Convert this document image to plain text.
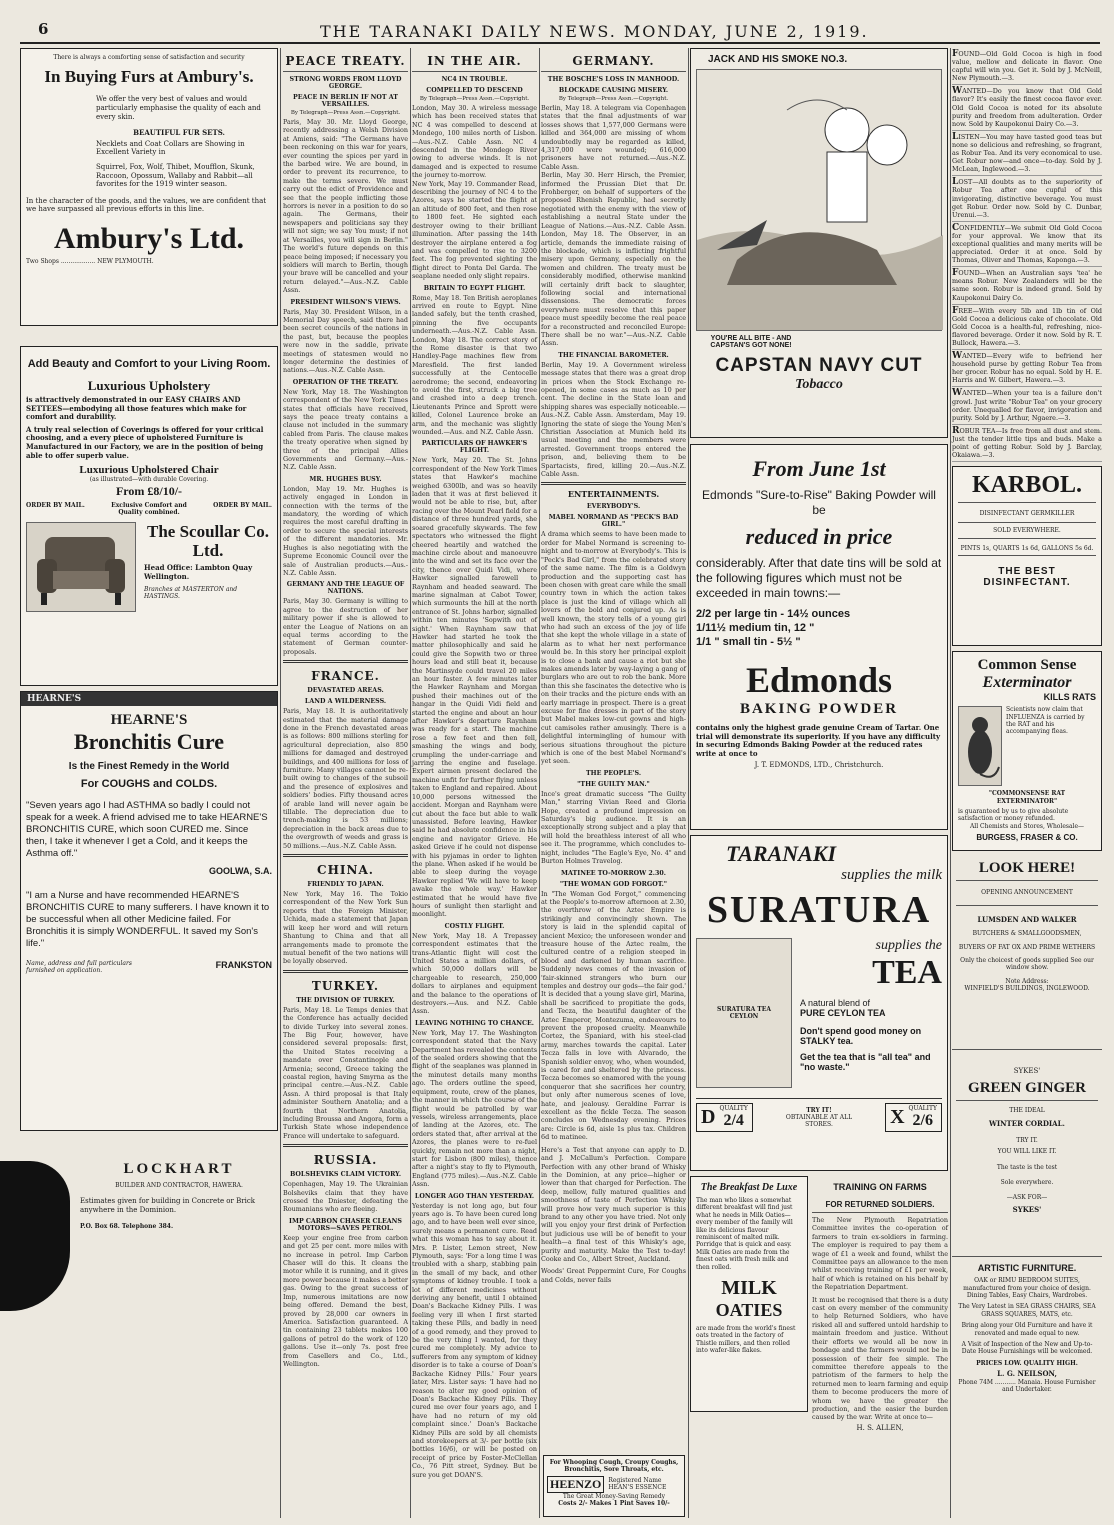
6	THE TARANAKI DAILY NEWS. MONDAY, JUNE 2, 1919.
There is always a comforting sense of satisfaction and security
In Buying Furs at Ambury's.
We offer the very best of values and would particularly emphasise the quality of each and every skin.
BEAUTIFUL FUR SETS.
Necklets and Coat Collars are Showing in Excellent Variety in
Squirrel, Fox, Wolf, Thibet, Moufflon, Skunk, Raccoon, Opossum, Wallaby and Rabbit—all favorites for the 1919 winter season.
In the character of the goods, and the values, we are confident that we have surpassed all previous efforts in this line.
Ambury's Ltd.
Two Shops .................. NEW PLYMOUTH.
Add Beauty and Comfort to your Living Room.
Luxurious Upholstery
is attractively demonstrated in our EASY CHAIRS AND SETTEES—embodying all those features which make for comfort and durability.
A truly real selection of Coverings is offered for your critical choosing, and a every piece of upholstered Furniture is Manufactured in our Factory, we are in the position of being able to offer superb value.
Luxurious Upholstered Chair
(as illustrated—with durable Covering.
From £8/10/-
ORDER BY MAIL.	Exclusive Comfort and Quality combined.
ORDER BY MAIL.
The Scoullar Co. Ltd.
Head Office: Lambton Quay Wellington.
Branches at MASTERTON and HASTINGS.
HEARNE'S
HEARNE'S
Bronchitis Cure
Is the Finest Remedy in the World
For COUGHS and COLDS.
"Seven years ago I had ASTHMA so badly I could not speak for a week. A friend advised me to take HEARNE'S BRONCHITIS CURE, which soon CURED me. Since then, I take it whenever I get a Cold, and it keeps the Asthma off."
GOOLWA, S.A.
"I am a Nurse and have recommended HEARNE'S BRONCHITIS CURE to many sufferers. I have known it to be successful when all other Medicine failed. For Bronchitis it is simply WONDERFUL. It saved my Son's life."
Name, address and full particulars furnished on application.
FRANKSTON
LOCKHART
BUILDER AND CONTRACTOR, HAWERA.
Estimates given for building in Concrete or Brick anywhere in the Dominion.
P.O. Box 68. Telephone 384.
PEACE TREATY.
STRONG WORDS FROM LLOYD GEORGE.
PEACE IN BERLIN IF NOT AT VERSAILLES.
By Telegraph—Press Assn.—Copyright.

Paris, May 30. Mr. Lloyd George, recently addressing a Welsh Division at Amiens, said: "The Germans have been reckoning on this war for years, ever counting the spices per yard in the barbed wire. We are bound, in order to prevent its recurrence, to make the terms severe. We must carry out the edict of Providence and see that the people inflicting those horrors is never in a position to do so again. The Germans, their newspapers and politicians say they will not sign; we say You must; if not at Versailles, you will sign in Berlin." The world's future depends on this peace being imposed; if necessary you soldiers will march to Berlin, though your brave will be cancelled and your return delayed."—Aus.-N.Z. Cable Assn.

PRESIDENT WILSON'S VIEWS.

Paris, May 30. President Wilson, in a Memorial Day speech, said there had been secret councils of the nations in the past, but, because the peoples were now in the saddle, private meetings of statesmen would no longer determine the destinies of nations.—Aus.-N.Z. Cable Assn.

OPERATION OF THE TREATY.

New York, May 18. The Washington correspondent of the New York Times states that officials have received, says the peace treaty contains a clause not included in the summary cabled from Paris. The clause makes the treaty operative when signed by three of the principal Allies Governments and Germany.—Aus.-N.Z. Cable Assn.

MR. HUGHES BUSY.

London, May 19. Mr. Hughes is actively engaged in London in connection with the terms of the mandatory, the wording of which requires the most careful drafting in order to secure the special interests of the different mandatories. Mr. Hughes is also negotiating with the Supreme Economic Council over the sale of Australian products.—Aus.-N.Z. Cable Assn.

GERMANY AND THE LEAGUE OF NATIONS.

Paris, May 30. Germany is willing to agree to the destruction of her military power if she is allowed to enter the League of Nations on an equal terms according to the statement of German counter-proposals.

FRANCE.
DEVASTATED AREAS.
LAND A WILDERNESS.

Paris, May 18. It is authoritatively estimated that the material damage done in the French devastated areas is as follows: 800 millions sterling for agricultural depreciation, also 850 millions for damaged and destroyed buildings, and 400 millions for loss of furniture. Many villages cannot be re-built owing to changes of the subsoil and the presence of explosives and soldiers' bodies. Fifty thousand acres of arable land will never again be tillable. The depreciation due to trench-making is 53 millions; depreciation in the back areas due to the overgrowth of weeds and grass is 50 millions.—Aus.-N.Z. Cable Assn.

CHINA.
FRIENDLY TO JAPAN.

New York, May 16. The Tokio correspondent of the New York Sun reports that the Foreign Minister, Uchida, made a statement that Japan will keep her word and will return Shantung to China and that all arrangements made to promote the mutual benefit of the two nations will be loyally observed.

TURKEY.
THE DIVISION OF TURKEY.

Paris, May 18. Le Temps denies that the Conference has actually decided to divide Turkey into several zones. The Big Four, however, have considered several proposals: first, the United States receiving a mandate over Constantinople and Armenia; second, Greece taking the coastal region, having Smyrna as the principal centre.—Aus.-N.Z. Cable Assn. A third proposal is that Italy administer Southern Anatolia; and a fourth that Northern Anatolia, including Broussa and Angora, form a Turkish State whose independence France will undertake to safeguard.

RUSSIA.
BOLSHEVIKS CLAIM VICTORY.

Copenhagen, May 19. The Ukrainian Bolsheviks claim that they have crossed the Dniester, defeating the Roumanians who are fleeing.

IMP CARBON CHASER CLEANS MOTORS—SAVES PETROL.

Keep your engine free from carbon and get 25 per cent. more miles with no increase in petrol. Imp Carbon Chaser will do this. It cleans the motor while it is running, and it gives more power because it makes a better gas. Owing to the great success of Imp, numerous imitations are now being offered. Demand the best, proved by 28,000 car owners in America. Satisfaction guaranteed. A tin containing 23 tablets makes 100 gallons of petrol do the work of 120 gallons. Use it—only 7s. post free from Casellers and Co., Ltd., Wellington.

IN THE AIR.
NC4 IN TROUBLE.
COMPELLED TO DESCEND
By Telegraph—Press Assn.—Copyright.

London, May 30. A wireless message which has been received states that NC 4 was compelled to descend at Mondego, 100 miles north of Lisbon.—Aus.-N.Z. Cable Assn. NC 4 descended in the Mondego River owing to adverse winds. It is not damaged and is expected to resume the journey to-morrow.

New York, May 19. Commander Read, describing the journey of NC 4 to the Azores, says he started the flight at an altitude of 800 feet, and then rose to 1800 feet. He sighted each destroyer owing to their brilliant illumination. After passing the 14th destroyer the airplane entered a fog and was compelled to rise to 3200 feet. The fog prevented sighting the flight direct to Ponta Del Garda. The seaplane needed only slight repairs.

BRITAIN TO EGYPT FLIGHT.

Rome, May 18. Ten British aeroplanes arrived en route to Egypt. Nine landed safely, but the tenth crashed, pinning the five occupants underneath.—Aus.-N.Z. Cable Assn. London, May 18. The correct story of the Rome disaster is that two Handley-Page machines flew from Maresfield. The first landed successfully at the Centocelle aerodrome; the second, endeavoring to avoid the first, struck a big tree and crashed into a deep trench. Lieutenants Prince and Sprott were killed, Colonel Laurence broke an arm, and the mechanic was slightly wounded.—Aus. and N.Z. Cable Assn.

PARTICULARS OF HAWKER'S FLIGHT.

New York, May 20. The St. Johns correspondent of the New York Times states that Hawker's machine weighed 6300lb, and was so heavily laden that it was at first believed it would not be able to rise, but, after racing over the Mount Pearl field for a distance of three hundred yards, she soared gracefully skywards. The few spectators who witnessed the flight cheered heartily and watched the machine circle about and manoeuvre into the wind and set its face over the city, thence over Quidi Vidi, where Hawker signalled farewell to Raynham and headed seaward. The marine signalman at Cabot Tower, which surmounts the hill at the north entrance of St. Johns harbor, signalled within ten minutes 'Sopwith out of sight.' When Raynham saw that Hawker had started he took the matter philosophically and said he could give the Sopwith two or three hours lead and still beat it, because the Martinsyde could travel 20 miles an hour faster. A few minutes later the Hawker Raynham and Morgan pushed their machines out of the hangar in the Quidi Vidi field and started the engine and about an hour after Hawker's departure Raynham was ready for a start. The machine rose a few feet and then fell, smashing the wings and body, crumpling the under-carriage and jarring the engine and fuselage. Expert airmen present declared the machine unfit for further flying unless taken to England and repaired. About 10,000 persons witnessed the accident. Morgan and Raynham were cut about the face but able to walk unassisted. Before leaving, Hawker said he had absolute confidence in his engine and navigator Grieve. He asked Grieve if he could not dispense with his pyjamas in order to lighten the plane. When asked if he would be able to sleep during the voyage Hawker replied 'We will have to keep awake the whole way.' Hawker estimated that he would have five hours of sunlight then starlight and moonlight.

COSTLY FLIGHT.

New York, May 18. A Trepassey correspondent estimates that the trans-Atlantic flight will cost the United States a million dollars, of which 50,000 dollars will be chargeable to research, 250,000 dollars to airplanes and equipment and the balance to the operations of destroyers.—Aus. and N.Z. Cable Assn.

LEAVING NOTHING TO CHANCE.

New York, May 17. The Washington correspondent stated that the Navy Department has revealed the contents of the sealed orders showing that the flight of the seaplanes was planned in the minutest details many months ago. The orders outline the speed, equipment, route, crew of the planes, the manner in which the course of the flight would be patrolled by war vessels, wireless arrangements, place of landing at the Azores, etc. The orders stated that, after arrival at the Azores, the planes were to re-fuel quickly, remain not more than a night, start for Lisbon (800 miles), thence after a night's stay to fly to Plymouth, England (775 miles).—Aus.-N.Z. Cable Assn.

LONGER AGO THAN YESTERDAY.

Yesterday is not long ago, but four years ago is. To have been cured long ago, and to have been well ever since, surely means a permanent cure. Read what this woman has to say about it. Mrs. P. Lister, Lemon street, New Plymouth, says: 'For a long time I was troubled with a sharp, stabbing pain in the small of my back, and other symptoms of kidney trouble. I took a lot of different medicines without deriving any benefit, until I obtained Doan's Backache Kidney Pills. I was feeling very ill when I first started taking these Pills, and badly in need of a good remedy, and they proved to be the very thing I wanted, for they cured me completely. My advice to sufferers from any symptom of kidney disorder is to take a course of Doan's Backache Kidney Pills.' Four years later, Mrs. Lister says: 'I have had no reason to alter my good opinion of Doan's Backache Kidney Pills. They cured me over four years ago, and I have had no return of my old complaint since.' Doan's Backache Kidney Pills are sold by all chemists and storekeepers at 3/- per bottle (six bottles 16/6), or will be posted on receipt of price by Foster-McClellan Co., 76 Pitt street, Sydney. But be sure you get DOAN'S.

GERMANY.
THE BOSCHE'S LOSS IN MANHOOD.
BLOCKADE CAUSING MISERY.
By Telegraph—Press Assn.—Copyright.

Berlin, May 18. A telegram via Copenhagen states that the final adjustments of war losses shows that 1,577,000 Germans were killed and 364,000 are missing of whom undoubtedly may be regarded as killed, 4,317,000 were wounded; 616,000 prisoners have not returned.—Aus.-N.Z. Cable Assn.

Berlin, May 30. Herr Hirsch, the Premier, informed the Prussian Diet that Dr. Frohberger, on behalf of supporters of the proposed Rhenish Republic, had secretly negotiated with the enemy with the view of establishing a neutral State under the League of Nations.—Aus.-N.Z. Cable Assn. London, May 18. The Observer, in an article, demands the immediate raising of the blockade, which is inflicting frightful misery upon Germany, especially on the women and children. The treaty must be considerably modified, otherwise mankind will certainly drift back to slaughter, following social and international dissensions. The democratic forces everywhere must resolve that this paper peace must speedily become the real peace for a reconstructed and reconciled Europe: There shall be no war."—Aus.-N.Z. Cable Assn.

THE FINANCIAL BAROMETER.

Berlin, May 19. A Government wireless message states that there was a great drop in prices when the Stock Exchange re-opened, in some cases as much as 10 per cent. The decline in the State loan and shipping shares was especially noticeable.—Aus.-N.Z. Cable Assn. Amsterdam, May 19. Ignoring the state of siege the Young Men's Christian Association at Munich held its usual meeting and the members were arrested. Government troops entered the prison, and, believing them to be Spartacists, fired, killing 20.—Aus.-N.Z. Cable Assn.

ENTERTAINMENTS.
EVERYBODY'S.
MABEL NORMAND AS "PECK'S BAD GIRL."

A drama which seems to have been made to order for Mabel Normand is screening to-night and to-morrow at Everybody's. This is "Peck's Bad Girl," from the celebrated story of the same name. The film is a Goldwyn production and the supporting cast has been chosen with great care while the small country town in which the action takes place is just the kind of village which all lovers of the bold and conjured up. As is well known, the story tells of a young girl who had such an excess of the joy of life that she kept the whole village in a state of alarm as to what her next performance would be. In this story her principal exploit is to close a bank and cause a riot but she makes amends later by way-laying a gang of burglars who are out to rob the bank. More than this she fascinates the detective who is on their tracks and the picture ends with an early marriage in prospect. There is a great excuse for fine dresses in part of the story but Mabel makes low-cut gowns and high-cut camisoles rather amusingly. There is a delightful intermingling of humour with serious situations throughout the picture which is one of the best Mabel Normand's yet seen.

THE PEOPLE'S.
"THE GUILTY MAN."

Ince's great dramatic success "The Guilty Man," starring Vivian Reed and Gloria Hope, created a profound impression on Saturday's big audience. It is an exceptionally strong subject and a play that will hold the breathless interest of all who see it. The programme, which concludes to-night, includes "The Eagle's Eye, No. 4" and Burton Holmes Travelog.

MATINEE TO-MORROW 2.30.
"THE WOMAN GOD FORGOT."

In "The Woman God Forgot," commencing at the People's to-morrow afternoon at 2.30, the overthrow of the Aztec Empire is strikingly and convincingly shown. The story is laid in the splendid capital of ancient Mexico; the unforeseen wonder and treasure house of the Aztec realm, the cultured centre of a religion steeped in blood and darkened by human sacrifice. Suddenly news comes of the invasion of 'fair-skinned strangers who burn our temples and destroy our gods—the fair god.' It is decided that a young slave girl, Marina, shall be sacrificed to propitiate the gods, and Tecza, the beautiful daughter of the Aztec Emperor, Montezuma, endeavours to prevent the proposed cruelty. Meanwhile Cortez, the Spaniard, with his steel-clad army, marches towards the capital. Later Tecza falls in love with Alvarado, the Spanish soldier envoy, who, when wounded, is cared for and sheltered by the princess. Tecza becomes so enamored with the young conqueror that she sacrifices her country, but only after numerous scenes of love, hate, and jealousy. Geraldine Farrar is excellent as the fickle Tecza. The season concludes on Wednesday evening. Prices are: Circle is 6d, aisle 1s plus tax. Children 6d to matinee.

Here's a Test that anyone can apply to D. and J. McCallum's Perfection. Compare Perfection with any other brand of Whisky in the Dominion, at any price—higher or lower than that charged for Perfection. The deep, mellow, fully matured qualities and smoothness of taste of Perfection Whisky will prove how very much superior is this brand to any other you have tried. Not only will you enjoy your first drink of Perfection but judicious use will be of benefit to your health—a final test of this Whisky's age, purity and maturity. Make the Test to-day! Cooke and Co., Albert Street, Auckland.

Woods' Great Peppermint Cure, For Coughs and Colds, never fails

JACK AND HIS SMOKE NO.3.
YOU'RE ALL BITE - AND CAPSTAN'S GOT NONE!
CAPSTAN NAVY CUT
Tobacco
From June 1st
Edmonds "Sure-to-Rise" Baking Powder will be
reduced in price
considerably. After that date tins will be sold at the following figures which must not be exceeded in main towns:—
2/2 per large tin - 14½ ounces
1/11½ medium tin, 12 "
1/1 " small tin - 5½ "
Edmonds
BAKING POWDER
contains only the highest grade genuine Cream of Tartar. One trial will demonstrate its superiority. If you have any difficulty in securing Edmonds Baking Powder at the reduced rates write at once to
J. T. EDMONDS, LTD., Christchurch.
TARANAKI
supplies the milk
SURATURA
SURATURA TEA CEYLON
supplies the
TEA
A natural blend of
PURE CEYLON TEA
Don't spend good money on STALKY tea.
Get the tea that is "all tea" and "no waste."
D QUALITY
2/4
TRY IT!
OBTAINABLE AT ALL STORES.	X QUALITY
2/6
The Breakfast De Luxe
The man who likes a somewhat different breakfast will find just what he needs in Milk Oaties—every member of the family will like its delicious flavour reminiscent of malted milk. Porridge that is quick and easy. Milk Oaties are made from the finest oats with fresh milk and then rolled.
MILK
OATIES
are made from the world's finest oats treated in the factory of Thistle millers, and then rolled into wafer-like flakes.
TRAINING ON FARMS
FOR RETURNED SOLDIERS.

The New Plymouth Repatriation Committee invites the co-operation of farmers to train ex-soldiers in farming. The employer is required to pay them a wage of £1 a week and found, whilst the Committee pays an allowance to the men whilst receiving training of £1 per week, half of which is retained on his behalf by the Repatriation Department.

It must be recognised that there is a duty cast on every member of the community to help Returned Soldiers, who have risked all and suffered untold hardship to maintain freedom and justice. Without their efforts we would all be now in bondage and the farmers would not be in possession of their fee simple. The committee therefore appeals to the patriotism of the farmers to help the returned men to learn farming and equip them to become producers the more of whom we have the greater the production, and the easier the burden caused by the war. Write at once to—

H. S. ALLEN,
For Whooping Cough, Croupy Coughs, Bronchitis, Sore Throats, etc.
HEENZO	Registered Name HEAN'S ESSENCE
The Great Money-Saving Remedy
Costs 2/- Makes 1 Pint Saves 10/-
FOUND—Old Gold Cocoa is high in food value, mellow and delicate in flavor. One capful will win you. Get it. Sold by J. McNeill, New Plymouth.—3.
WANTED—Do you know that Old Gold flavor? It's easily the finest cocoa flavor ever. Old Gold Cocoa is noted for its absolute purity and freedom from adulteration. Order now. Sold by Kaupokonui Dairy Co.—3.
LISTEN—You may have tasted good teas but none so delicious and refreshing, so fragrant, as Robur Tea. And its very economical to use. Get Robur now—and once—to-day. Sold by J. McLean, Inglewood.—3.
LOST—All doubts as to the superiority of Robur Tea after one cupful of this invigorating, distinctive beverage. You must get Robur. Order now. Sold by C. Dunbar, Urenui.—3.
CONFIDENTLY—We submit Old Gold Cocoa for your approval. We know that its exceptional qualities and many merits will be appreciated. Order it at once. Sold by Thomas, Oliver and Thomas, Kaponga.—3.
FOUND—When an Australian says 'tea' he means Robur. New Zealanders will be the same soon. Robur is indeed grand. Sold by Kaupokonui Dairy Co.
FREE—With every 5lb and 1lb tin of Old Gold Cocoa a delicious cake of chocolate. Old Gold Cocoa is a health-ful, refreshing, nice-flavored beverage. Order it now. Sold by R. T. Bullock, Hawera.—3.
WANTED—Every wife to befriend her household purse by getting Robur Tea from her grocer. Robur has no equal. Sold by H. E. Harris and W. Gilbert, Hawera.—3.
WANTED—When your tea is a failure don't growl. Just write "Robur Tea" on your grocery order. Unequalled for flavor, invigoration and purity. Sold by J. Arthur, Ngaere.—3.
ROBUR TEA—Is free from all dust and stem. Just the tender little tips and buds. Make a point of getting Robur. Sold by J. Barclay, Okaiawa.—3.
KARBOL.
DISINFECTANT GERMKILLER
SOLD EVERYWHERE.
PINTS 1s, QUARTS 1s 6d, GALLONS 5s 6d.
THE BEST DISINFECTANT.
Common Sense
Exterminator
KILLS RATS
Scientists now claim that INFLUENZA is carried by the RAT and his accompanying fleas.
"COMMONSENSE RAT EXTERMINATOR"
is guaranteed by us to give absolute satisfaction or money refunded.
All Chemists and Stores, Wholesale—
BURGESS, FRASER & CO.
LOOK HERE!
OPENING ANNOUNCEMENT
LUMSDEN AND WALKER
BUTCHERS & SMALLGOODSMEN,
BUYERS OF FAT OX AND PRIME WETHERS
Only the choicest of goods supplied See our window show.
Note Address:
WINFIELD'S BUILDINGS, INGLEWOOD.
SYKES'
GREEN GINGER
THE IDEAL
WINTER CORDIAL.
TRY IT.
YOU WILL LIKE IT.
The taste is the test
Sole everywhere.
—ASK FOR—
SYKES'
ARTISTIC FURNITURE.
OAK or RIMU BEDROOM SUITES, manufactured from your choice of design. Dining Tables, Easy Chairs, Wardrobes.
The Very Latest in SEA GRASS CHAIRS, SEA GRASS SQUARES, MATS, etc.
Bring along your Old Furniture and have it renovated and made equal to new.
A Visit of Inspection of the New and Up-to-Date House Furnishings will be welcomed.
PRICES LOW. QUALITY HIGH.
L. G. NEILSON,
Phone 74M ........... Manaia. House Furnisher and Undertaker.
